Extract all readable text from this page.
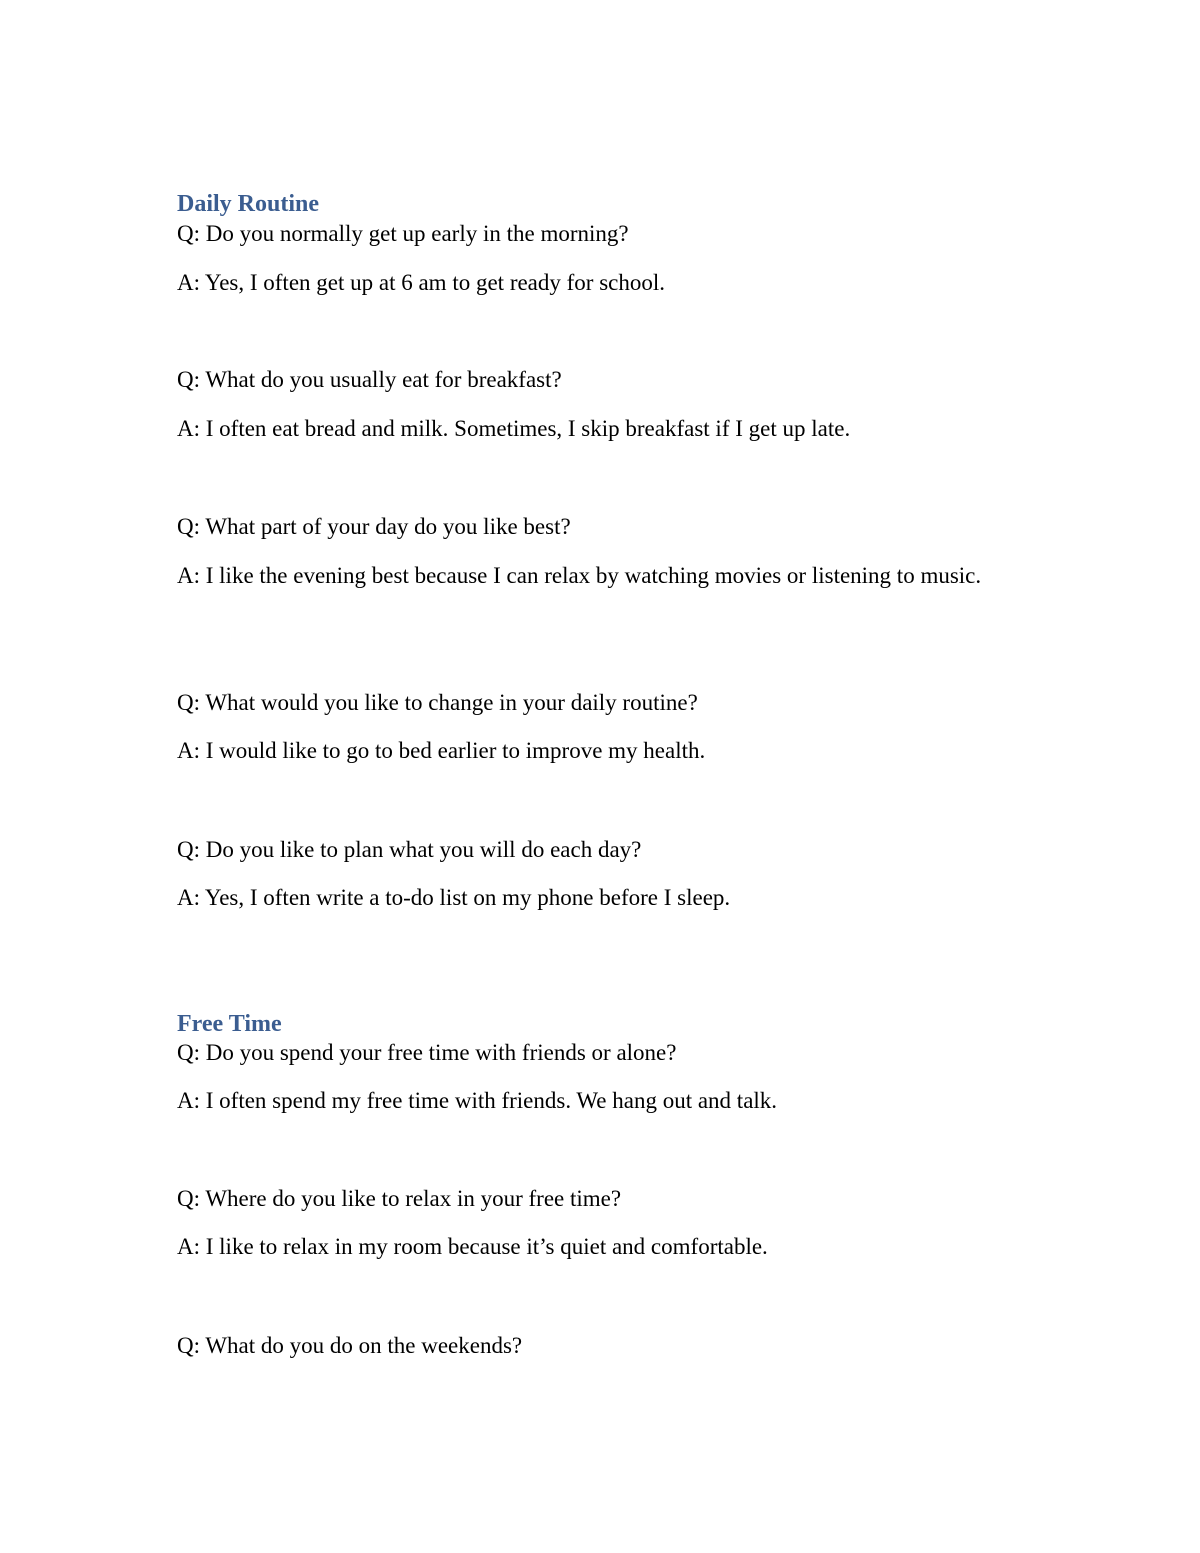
Daily Routine

Q: Do you normally get up early in the morning?

A: Yes, I often get up at 6 am to get ready for school.

Q: What do you usually eat for breakfast?

A: I often eat bread and milk. Sometimes, I skip breakfast if I get up late.

Q: What part of your day do you like best?

A: I like the evening best because I can relax by watching movies or listening to music.

Q: What would you like to change in your daily routine?

A: I would like to go to bed earlier to improve my health.

Q: Do you like to plan what you will do each day?

A: Yes, I often write a to-do list on my phone before I sleep.

Free Time

Q: Do you spend your free time with friends or alone?

A: I often spend my free time with friends. We hang out and talk.

Q: Where do you like to relax in your free time?

A: I like to relax in my room because it’s quiet and comfortable.

Q: What do you do on the weekends?
